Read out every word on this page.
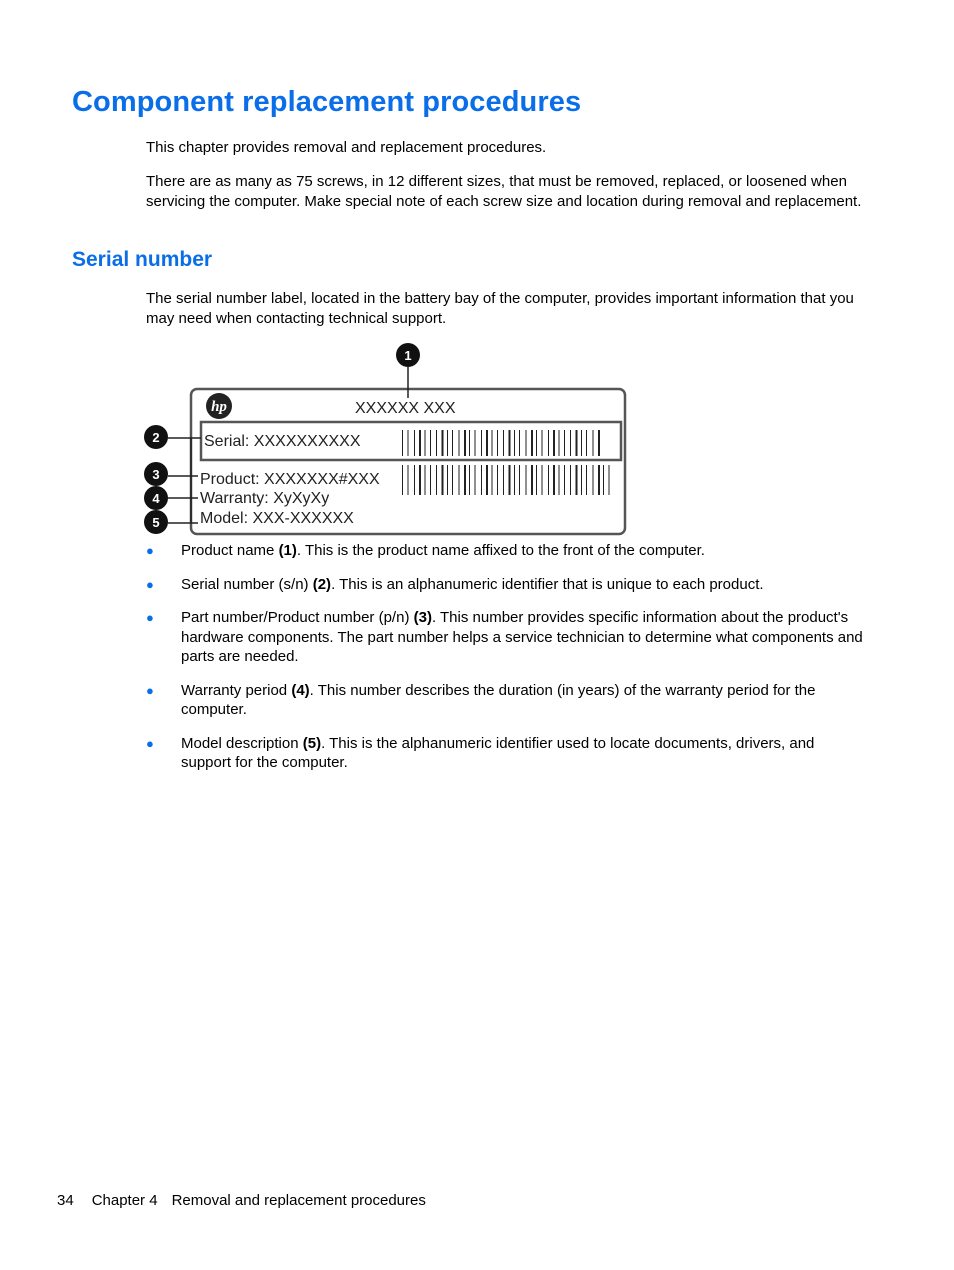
Component replacement procedures

This chapter provides removal and replacement procedures.

There are as many as 75 screws, in 12 different sizes, that must be removed, replaced, or loosened when servicing the computer. Make special note of each screw size and location during removal and replacement.

Serial number

The serial number label, located in the battery bay of the computer, provides important information that you may need when contacting technical support.

hp	XXXXXX XXX
Serial: XXXXXXXXXX
Product: XXXXXXX#XXX
Warranty: XyXyXy
Model: XXX-XXXXXX
1
2
3
4
5
● Product name (1). This is the product name affixed to the front of the computer.
● Serial number (s/n) (2). This is an alphanumeric identifier that is unique to each product.
● Part number/Product number (p/n) (3). This number provides specific information about the product's hardware components. The part number helps a service technician to determine what components and parts are needed.
● Warranty period (4). This number describes the duration (in years) of the warranty period for the computer.
● Model description (5). This is the alphanumeric identifier used to locate documents, drivers, and support for the computer.
34 Chapter 4 Removal and replacement procedures
